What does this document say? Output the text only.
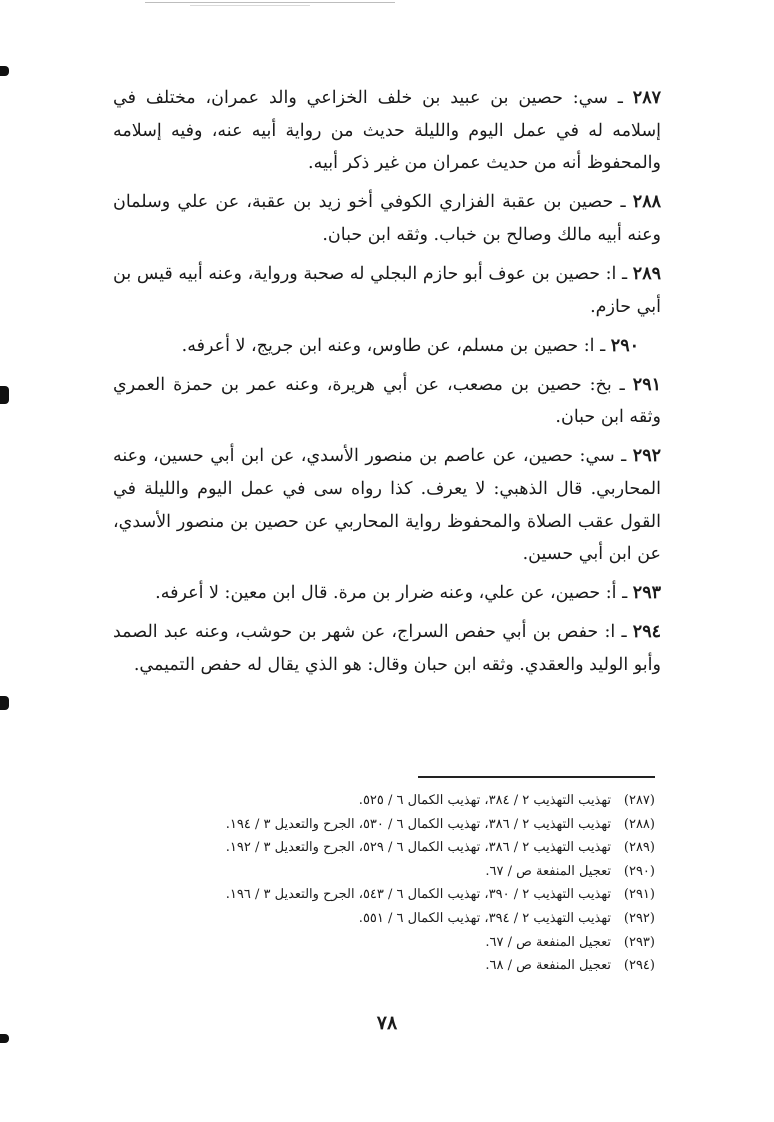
٢٨٧ ـ سي: حصين بن عبيد بن خلف الخزاعي والد عمران، مختلف في إسلامه له في عمل اليوم والليلة حديث من رواية أبيه عنه، وفيه إسلامه والمحفوظ أنه من حديث عمران من غير ذكر أبيه.

٢٨٨ ـ حصين بن عقبة الفزاري الكوفي أخو زيد بن عقبة، عن علي وسلمان وعنه أبيه مالك وصالح بن خباب. وثقه ابن حبان.

٢٨٩ ـ ا: حصين بن عوف أبو حازم البجلي له صحبة ورواية، وعنه أبيه قيس بن أبي حازم.

٢٩٠ ـ ا: حصين بن مسلم، عن طاوس، وعنه ابن جريج، لا أعرفه.

٢٩١ ـ بخ: حصين بن مصعب، عن أبي هريرة، وعنه عمر بن حمزة العمري وثقه ابن حبان.

٢٩٢ ـ سي: حصين، عن عاصم بن منصور الأسدي، عن ابن أبي حسين، وعنه المحاربي. قال الذهبي: لا يعرف. كذا رواه سى في عمل اليوم والليلة في القول عقب الصلاة والمحفوظ رواية المحاربي عن حصين بن منصور الأسدي، عن ابن أبي حسين.

٢٩٣ ـ أ: حصين، عن علي، وعنه ضرار بن مرة. قال ابن معين: لا أعرفه.

٢٩٤ ـ ا: حفص بن أبي حفص السراج، عن شهر بن حوشب، وعنه عبد الصمد وأبو الوليد والعقدي. وثقه ابن حبان وقال: هو الذي يقال له حفص التميمي.

(٢٨٧)تهذيب التهذيب ٢ / ٣٨٤، تهذيب الكمال ٦ / ٥٢٥.
(٢٨٨)تهذيب التهذيب ٢ / ٣٨٦، تهذيب الكمال ٦ / ٥٣٠، الجرح والتعديل ٣ / ١٩٤.
(٢٨٩)تهذيب التهذيب ٢ / ٣٨٦، تهذيب الكمال ٦ / ٥٢٩، الجرح والتعديل ٣ / ١٩٢.
(٢٩٠)تعجيل المنفعة ص / ٦٧.
(٢٩١)تهذيب التهذيب ٢ / ٣٩٠، تهذيب الكمال ٦ / ٥٤٣، الجرح والتعديل ٣ / ١٩٦.
(٢٩٢)تهذيب التهذيب ٢ / ٣٩٤، تهذيب الكمال ٦ / ٥٥١.
(٢٩٣)تعجيل المنفعة ص / ٦٧.
(٢٩٤)تعجيل المنفعة ص / ٦٨.
٧٨
